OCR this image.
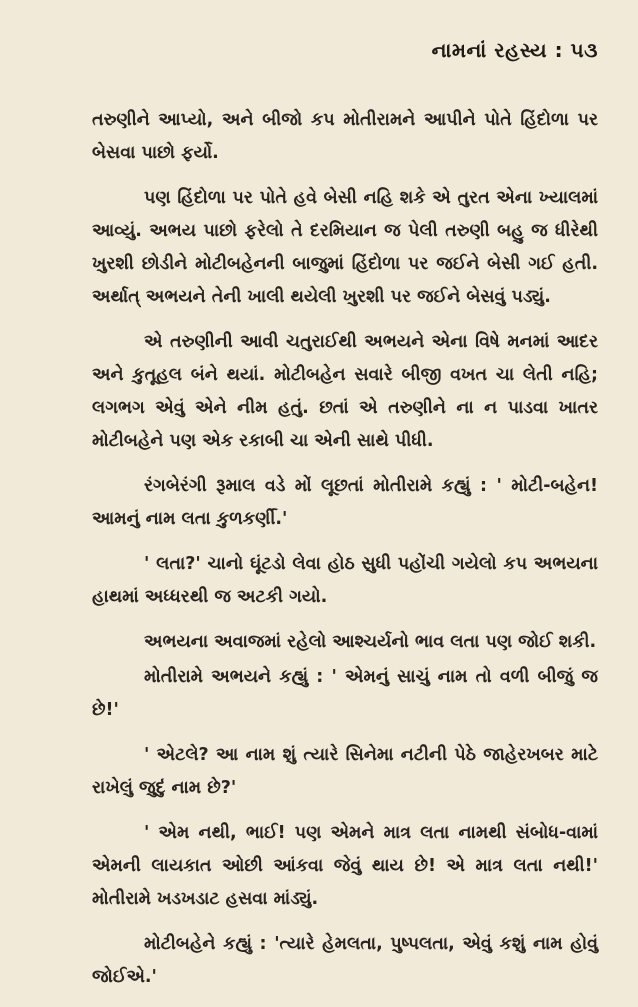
નામનાં રહસ્ય : ૫૩

તરુણીને આપ્યો, અને બીજો કપ મોતીરામને આપીને પોતે હિંદોળા પર બેસવા પાછો ફર્યો.

પણ હિંદોળા પર પોતે હવે બેસી નહિ શકે એ તુરત એના ખ્યાલમાં આવ્યું. અભય પાછો ફરેલો તે દરમિયાન જ પેલી તરુણી બહુ જ ધીરેથી ખુરશી છોડીને મોટીબહેનની બાજુમાં હિંદોળા પર જઈને બેસી ગઈ હતી. અર્થાત્ અભયને તેની ખાલી થયેલી ખુરશી પર જઈને બેસવું પડ્યું.

એ તરુણીની આવી ચતુરાઈથી અભયને એના વિષે મનમાં આદર અને કુતૂહલ બંને થયાં. મોટીબહેન સવારે બીજી વખત ચા લેતી નહિ; લગભગ એવું એને નીમ હતું. છતાં એ તરુણીને ના ન પાડવા ખાતર મોટીબહેને પણ એક રકાબી ચા એની સાથે પીધી.

રંગબેરંગી રૂમાલ વડે મોં લૂછતાં મોતીરામે કહ્યું : ' મોટી-બહેન! આમનું નામ લતા કુળકર્ણી.'

' લતા?' ચાનો ઘૂંટડો લેવા હોઠ સુધી પહોંચી ગયેલો કપ અભયના હાથમાં અધ્ધરથી જ અટકી ગયો.

અભયના અવાજમાં રહેલો આશ્ચર્યનો ભાવ લતા પણ જોઈ શકી.

મોતીરામે અભયને કહ્યું : ' એમનું સાચું નામ તો વળી બીજું જ છે!'

' એટલે? આ નામ શું ત્યારે સિનેમા નટીની પેઠે જાહેરખબર માટે રાખેલું જુદું નામ છે?'

' એમ નથી, ભાઈ! પણ એમને માત્ર લતા નામથી સંબોધ-વામાં એમની લાયકાત ઓછી આંકવા જેવું થાય છે! એ માત્ર લતા નથી!' મોતીરામે ખડખડાટ હસવા માંડ્યું.

મોટીબહેને કહ્યું : 'ત્યારે હેમલતા, પુષ્પલતા, એવું કશું નામ હોવું જોઈએ.'
